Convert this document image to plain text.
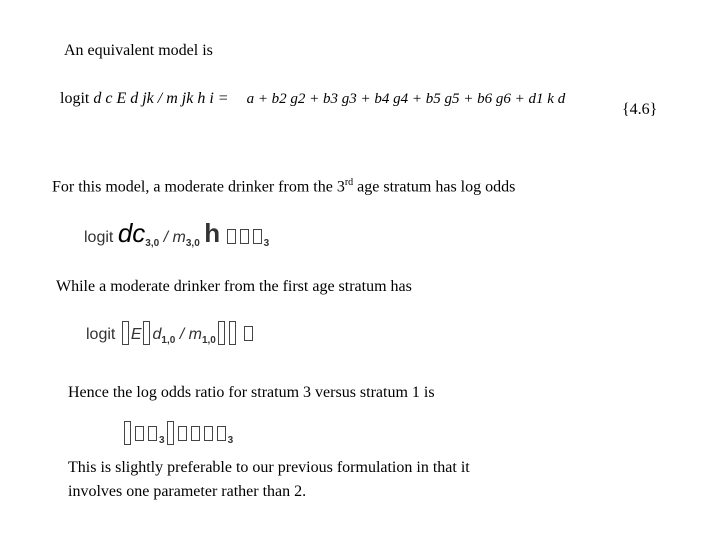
An equivalent model is
logit d c E d jk / m jk h i = a + b2 g2 + b3 g3 + b4 g4 + b5 g5 + b6 g6 + d1 k d
{4.6}
For this model, a moderate drinker from the 3rd age stratum has log odds
logit $dc_{3,0} / m_{3,0}$ h	$_3$
While a moderate drinker from the first age stratum has
logit E $d_{1,0} / m_{1,0}$
Hence the log odds ratio for stratum 3 versus stratum 1 is
$_3$	$_3$
This is slightly preferable to our previous formulation in that it
involves one parameter rather than 2.
